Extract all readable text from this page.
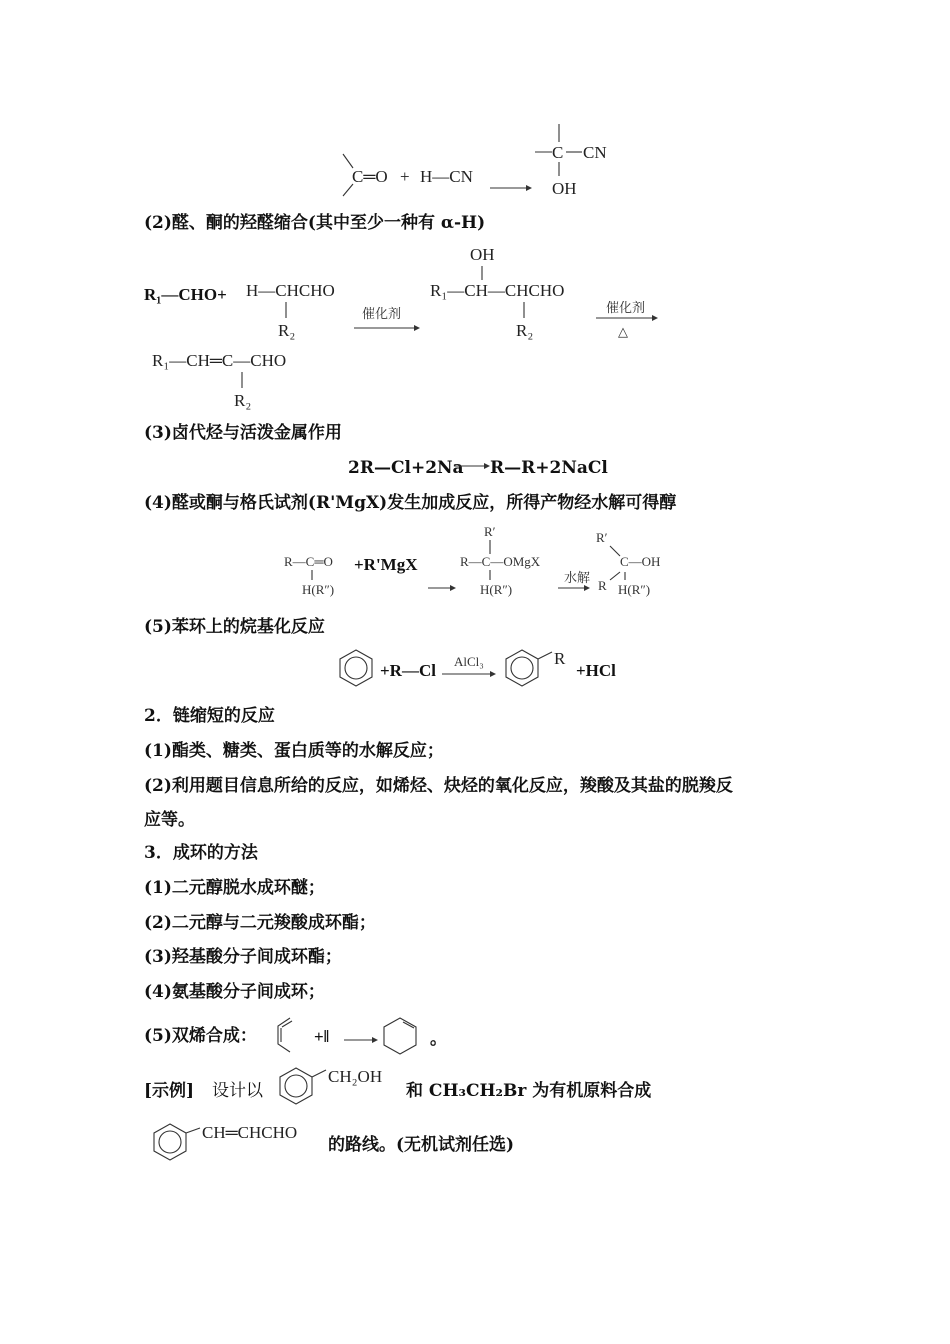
C═O + H—CN
C CN
OH
(2)醛、酮的羟醛缩合(其中至少一种有 α-H)
R₁—CHO+ H—CHCHO
R₂
催化剂
OH
R₁—CH—CHCHO
R₂
催化剂
△
R₁—CH═C—CHO
R₂
(3)卤代烃与活泼金属作用
2R—Cl+2Na R—R+2NaCl
(4)醛或酮与格氏试剂(R'MgX)发生加成反应，所得产物经水解可得醇
R—C═O
H(R″)
+R'MgX
R′
R—C—OMgX
H(R″)
水解
R′
C—OH
R H(R″)
(5)苯环上的烷基化反应
+R—Cl AlCl₃	R
+HCl
2．链缩短的反应
(1)酯类、糖类、蛋白质等的水解反应；
(2)利用题目信息所给的反应，如烯烃、炔烃的氧化反应，羧酸及其盐的脱羧反
应等。
3．成环的方法
(1)二元醇脱水成环醚；
(2)二元醇与二元羧酸成环酯；
(3)羟基酸分子间成环酯；
(4)氨基酸分子间成环；
(5)双烯合成：	+‖	。
[示例] 设计以
CH₂OH
和 CH₃CH₂Br 为有机原料合成
CH═CHCHO
的路线。(无机试剂任选)
